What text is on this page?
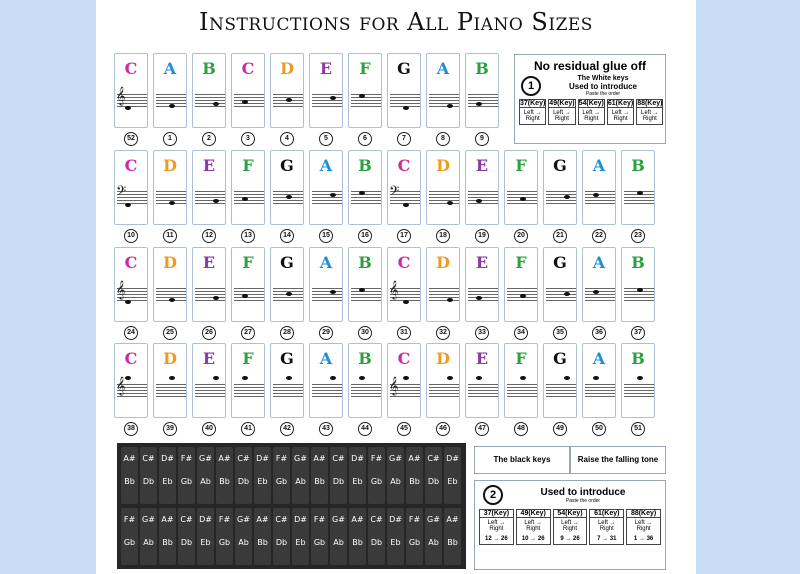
Instructions for All Piano Sizes
C
𝄞
52
A
1
B
2
C
3
D
4
E
5
F
6
G
7
A
8
B
9
C
𝄢
10
D
11
E
12
F
13
G
14
A
15
B
16
C
𝄢
17
D
18
E
19
F
20
G
21
A
22
B
23
C
𝄞
24
D
25
E
26
F
27
G
28
A
29
B
30
C
𝄞
31
D
32
E
33
F
34
G
35
A
36
B
37
C
𝄞
38
D
39
E
40
F
41
G
42
A
43
B
44
C
𝄞
45
D
46
E
47
F
48
G
49
A
50
B
51
No residual glue off
1
The White keys
Used to introduce
Paste the order
37(Key)
Left → Right
49(Key)
Left → Right
54(Key)
Left → Right
61(Key)
Left → Right
88(Key)
Left → Right
The black keys	Raise the falling tone
2	Used to introduce
Paste the order
37(Key)
Left → Right
12 → 26
49(Key)
Left → Right
10 → 26
54(Key)
Left → Right
9 → 26
61(Key)
Left → Right
7 → 31
88(Key)
Left → Right
1 → 36
A#
Bb
C#
Db
D#
Eb
F#
Gb
G#
Ab
A#
Bb
C#
Db
D#
Eb
F#
Gb
G#
Ab
A#
Bb
C#
Db
D#
Eb
F#
Gb
G#
Ab
A#
Bb
C#
Db
D#
Eb
F#
Gb
G#
Ab
A#
Bb
C#
Db
D#
Eb
F#
Gb
G#
Ab
A#
Bb
C#
Db
D#
Eb
F#
Gb
G#
Ab
A#
Bb
C#
Db
D#
Eb
F#
Gb
G#
Ab
A#
Bb
